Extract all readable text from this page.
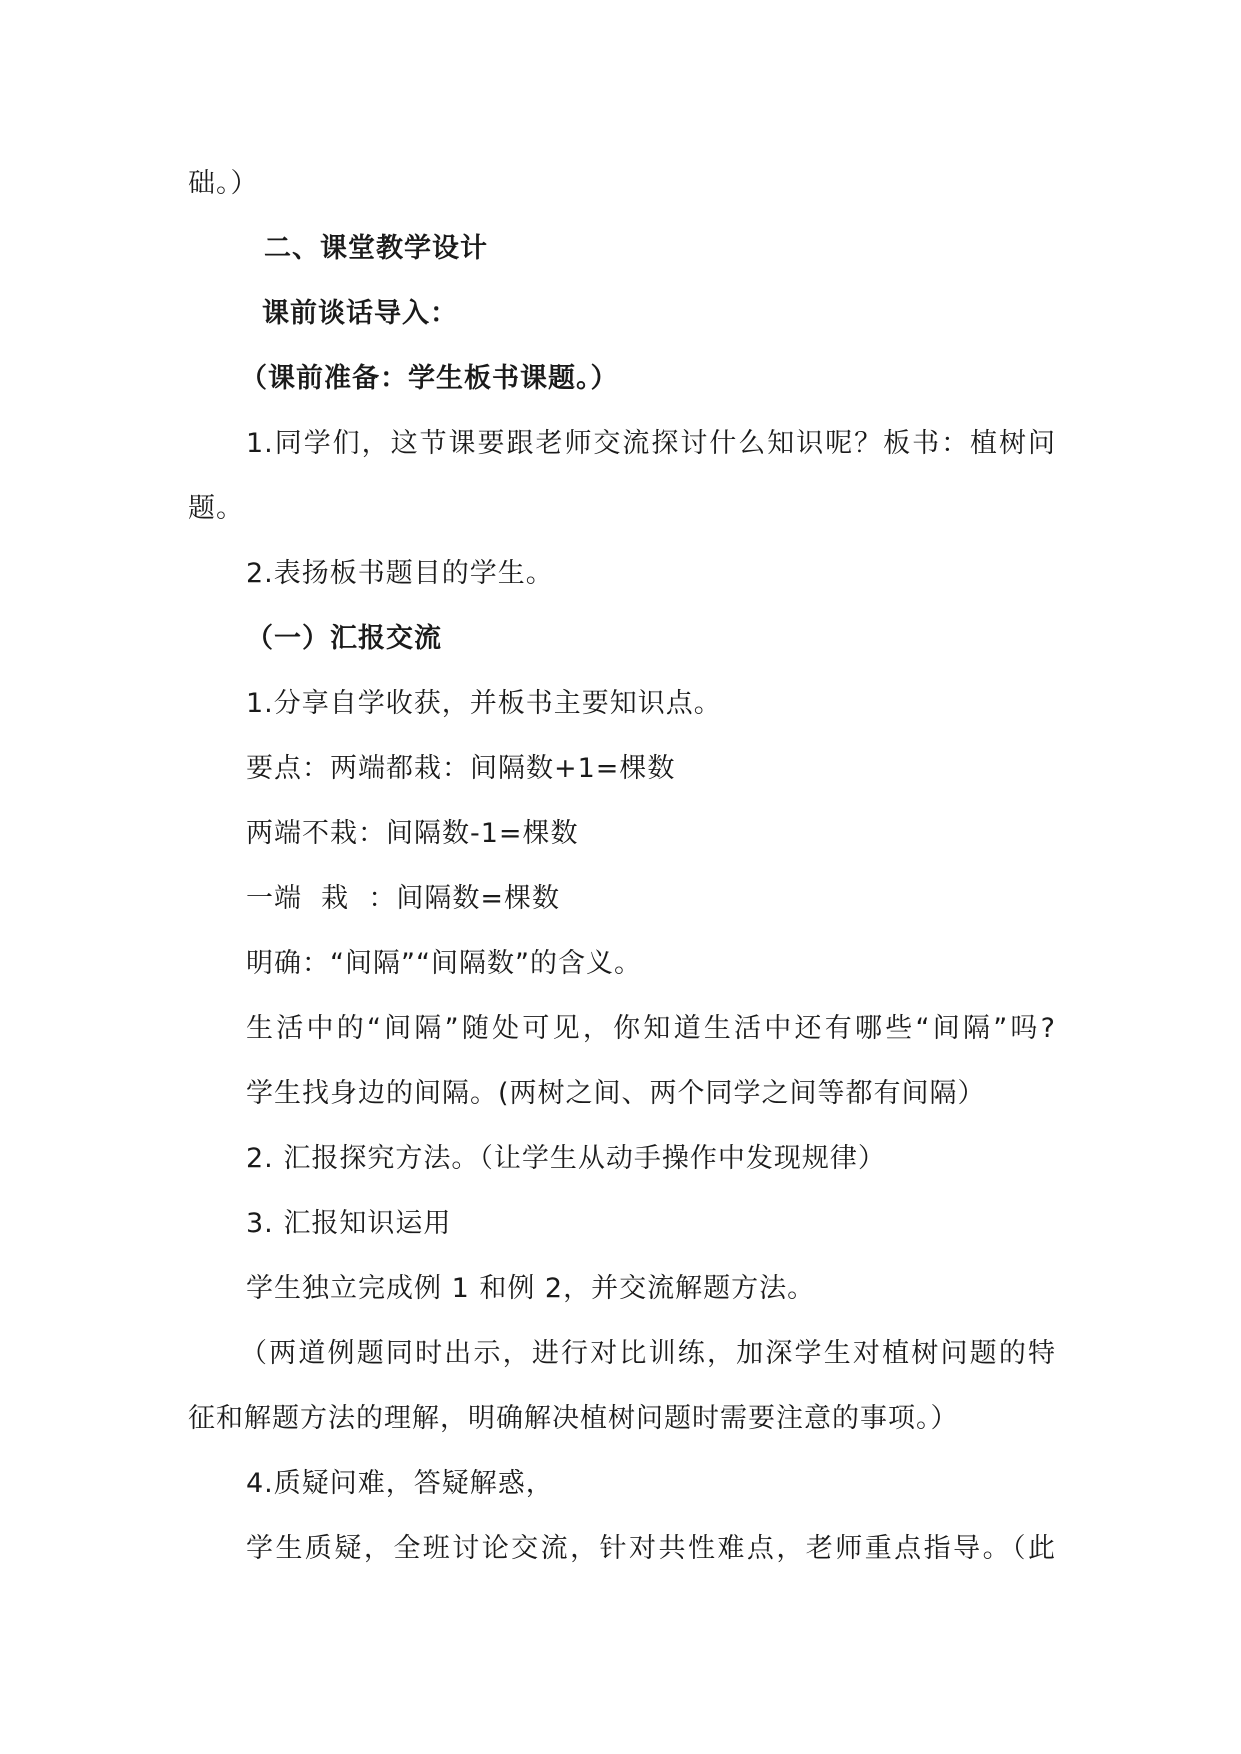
础。）
二、课堂教学设计
课前谈话导入：
（课前准备：学生板书课题。）
1.同学们，这节课要跟老师交流探讨什么知识呢？板书：植树问
题。
2.表扬板书题目的学生。
（一）汇报交流
1.分享自学收获，并板书主要知识点。
要点：两端都栽：间隔数+1=棵数
两端不栽：间隔数-1=棵数
一端  栽  ：间隔数=棵数
明确：“间隔”“间隔数”的含义。
生活中的“间隔”随处可见，你知道生活中还有哪些“间隔”吗?
学生找身边的间隔。(两树之间、两个同学之间等都有间隔）
2. 汇报探究方法。（让学生从动手操作中发现规律）
3. 汇报知识运用
学生独立完成例 1 和例 2，并交流解题方法。
（两道例题同时出示，进行对比训练，加深学生对植树问题的特
征和解题方法的理解，明确解决植树问题时需要注意的事项。）
4.质疑问难，答疑解惑，
学生质疑，全班讨论交流，针对共性难点，老师重点指导。（此
